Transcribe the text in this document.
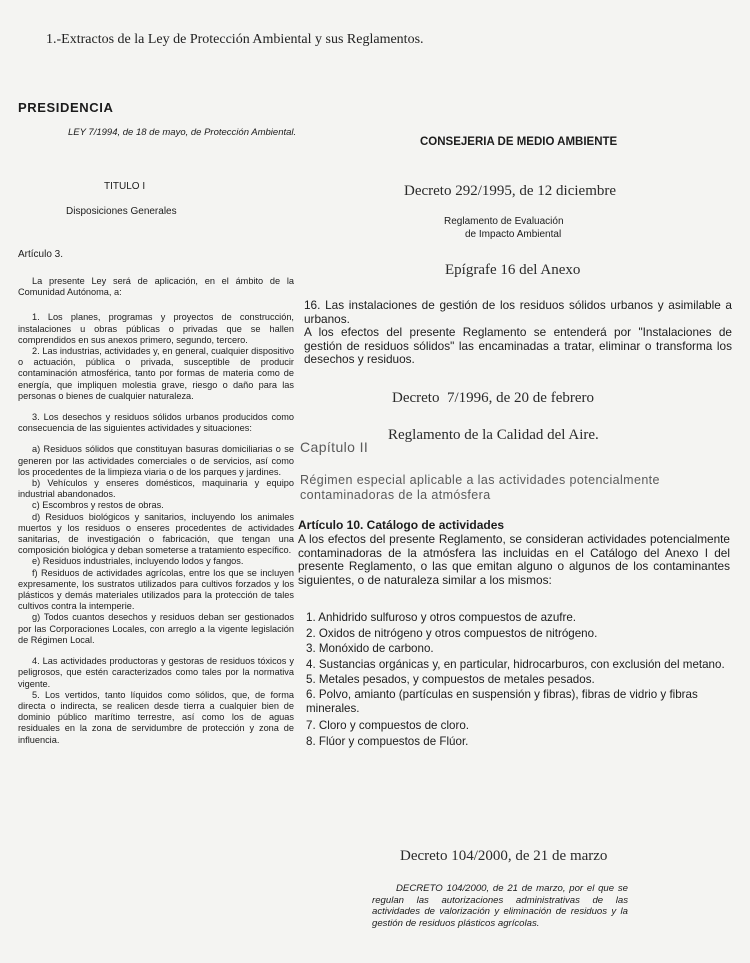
1.-Extractos de la Ley de Protección Ambiental y sus Reglamentos.
PRESIDENCIA
LEY 7/1994, de 18 de mayo, de Protección Ambiental.
TITULO I
Disposiciones Generales
Artículo 3.

La presente Ley será de aplicación, en el ámbito de la Comunidad Autónoma, a:

1. Los planes, programas y proyectos de construcción, instalaciones u obras públicas o privadas que se hallen comprendidos en sus anexos primero, segundo, tercero.

2. Las industrias, actividades y, en general, cualquier dispositivo o actuación, pública o privada, susceptible de producir contaminación atmosférica, tanto por formas de materia como de energía, que impliquen molestia grave, riesgo o daño para las personas o bienes de cualquier naturaleza.

3. Los desechos y residuos sólidos urbanos producidos como consecuencia de las siguientes actividades y situaciones:

a) Residuos sólidos que constituyan basuras domiciliarias o se generen por las actividades comerciales o de servicios, así como los procedentes de la limpieza viaria o de los parques y jardines.

b) Vehículos y enseres domésticos, maquinaria y equipo industrial abandonados.

c) Escombros y restos de obras.

d) Residuos biológicos y sanitarios, incluyendo los animales muertos y los residuos o enseres procedentes de actividades sanitarias, de investigación o fabricación, que tengan una composición biológica y deban someterse a tratamiento específico.

e) Residuos industriales, incluyendo lodos y fangos.

f) Residuos de actividades agrícolas, entre los que se incluyen expresamente, los sustratos utilizados para cultivos forzados y los plásticos y demás materiales utilizados para la protección de tales cultivos contra la intemperie.

g) Todos cuantos desechos y residuos deban ser gestionados por las Corporaciones Locales, con arreglo a la vigente legislación de Régimen Local.

4. Las actividades productoras y gestoras de residuos tóxicos y peligrosos, que estén caracterizados como tales por la normativa vigente.

5. Los vertidos, tanto líquidos como sólidos, que, de forma directa o indirecta, se realicen desde tierra a cualquier bien de dominio público marítimo terrestre, así como los de aguas residuales en la zona de servidumbre de protección y zona de influencia.

CONSEJERIA DE MEDIO AMBIENTE
Decreto 292/1995, de 12 diciembre
Reglamento de Evaluación
de Impacto Ambiental
Epígrafe 16 del Anexo

16. Las instalaciones de gestión de los residuos sólidos urbanos y asimilable a urbanos.

A los efectos del presente Reglamento se entenderá por "Instalaciones de gestión de residuos sólidos" las encaminadas a tratar, eliminar o transforma los desechos y residuos.

Decreto  7/1996, de 20 de febrero
Reglamento de la Calidad del Aire.
Capítulo II
Régimen especial aplicable a las actividades potencialmente contaminadoras de la atmósfera
Artículo 10. Catálogo de actividades
A los efectos del presente Reglamento, se consideran actividades potencialmente contaminadoras de la atmósfera las incluidas en el Catálogo del Anexo I del presente Reglamento, o las que emitan alguno o algunos de los contaminantes siguientes, o de naturaleza similar a los mismos:

1. Anhidrido sulfuroso y otros compuestos de azufre.

2. Oxidos de nitrógeno y otros compuestos de nitrógeno.

3. Monóxido de carbono.

4. Sustancias orgánicas y, en particular, hidrocarburos, con exclusión del metano.

5. Metales pesados, y compuestos de metales pesados.

6. Polvo, amianto (partículas en suspensión y fibras), fibras de vidrio y fibras minerales.

7. Cloro y compuestos de cloro.

8. Flúor y compuestos de Flúor.

Decreto 104/2000, de 21 de marzo
DECRETO 104/2000, de 21 de marzo, por el que se regulan las autorizaciones administrativas de las actividades de valorización y eliminación de residuos y la gestión de residuos plásticos agrícolas.
